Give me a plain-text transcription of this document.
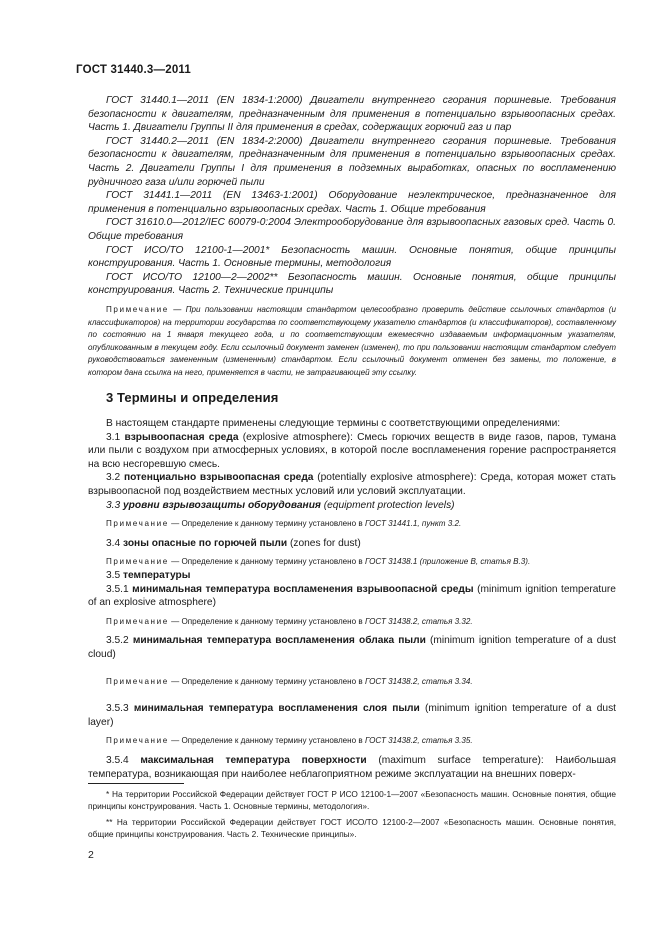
ГОСТ 31440.3—2011

ГОСТ 31440.1—2011 (EN 1834-1:2000) Двигатели внутреннего сгорания поршневые. Требования безопасности к двигателям, предназначенным для применения в потенциально взрывоопасных средах. Часть 1. Двигатели Группы II для применения в средах, содержащих горючий газ и пар

ГОСТ 31440.2—2011 (EN 1834-2:2000) Двигатели внутреннего сгорания поршневые. Требования безопасности к двигателям, предназначенным для применения в потенциально взрывоопасных средах. Часть 2. Двигатели Группы I для применения в подземных выработках, опасных по воспламенению рудничного газа и/или горючей пыли

ГОСТ 31441.1—2011 (EN 13463-1:2001) Оборудование неэлектрическое, предназначенное для применения в потенциально взрывоопасных средах. Часть 1. Общие требования

ГОСТ 31610.0—2012/IEC 60079-0:2004 Электрооборудование для взрывоопасных газовых сред. Часть 0. Общие требования

ГОСТ ИСО/ТО 12100-1—2001* Безопасность машин. Основные понятия, общие принципы конструирования. Часть 1. Основные термины, методология

ГОСТ ИСО/ТО 12100—2—2002** Безопасность машин. Основные понятия, общие принципы конструирования. Часть 2. Технические принципы

Примечание — При пользовании настоящим стандартом целесообразно проверить действие ссылочных стандартов (и классификаторов) на территории государства по соответствующему указателю стандартов (и классификаторов), составленному по состоянию на 1 января текущего года, и по соответствующим ежемесячно издаваемым информационным указателям, опубликованным в текущем году. Если ссылочный документ заменен (изменен), то при пользовании настоящим стандартом следует руководствоваться замененным (измененным) стандартом. Если ссылочный документ отменен без замены, то положение, в котором дана ссылка на него, применяется в части, не затрагивающей эту ссылку.

3 Термины и определения

В настоящем стандарте применены следующие термины с соответствующими определениями:

3.1 взрывоопасная среда (explosive atmosphere): Смесь горючих веществ в виде газов, паров, тумана или пыли с воздухом при атмосферных условиях, в которой после воспламенения горение распространяется на всю несгоревшую смесь.

3.2 потенциально взрывоопасная среда (potentially explosive atmosphere): Среда, которая может стать взрывоопасной под воздействием местных условий или условий эксплуатации.

3.3 уровни взрывозащиты оборудования (equipment protection levels)

Примечание — Определение к данному термину установлено в ГОСТ 31441.1, пункт 3.2.

3.4 зоны опасные по горючей пыли (zones for dust)

Примечание — Определение к данному термину установлено в ГОСТ 31438.1 (приложение В, статья В.3).

3.5 температуры

3.5.1 минимальная температура воспламенения взрывоопасной среды (minimum ignition temperature of an explosive atmosphere)

Примечание — Определение к данному термину установлено в ГОСТ 31438.2, статья 3.32.

3.5.2 минимальная температура воспламенения облака пыли (minimum ignition temperature of a dust cloud)

Примечание — Определение к данному термину установлено в ГОСТ 31438.2, статья 3.34.

3.5.3 минимальная температура воспламенения слоя пыли (minimum ignition temperature of a dust layer)

Примечание — Определение к данному термину установлено в ГОСТ 31438.2, статья 3.35.

3.5.4 максимальная температура поверхности (maximum surface temperature): Наибольшая температура, возникающая при наиболее неблагоприятном режиме эксплуатации на внешних поверх-

* На территории Российской Федерации действует ГОСТ Р ИСО 12100-1—2007 «Безопасность машин. Основные понятия, общие принципы конструирования. Часть 1. Основные термины, методология».

** На территории Российской Федерации действует ГОСТ ИСО/ТО 12100-2—2007 «Безопасность машин. Основные понятия, общие принципы конструирования. Часть 2. Технические принципы».

2
